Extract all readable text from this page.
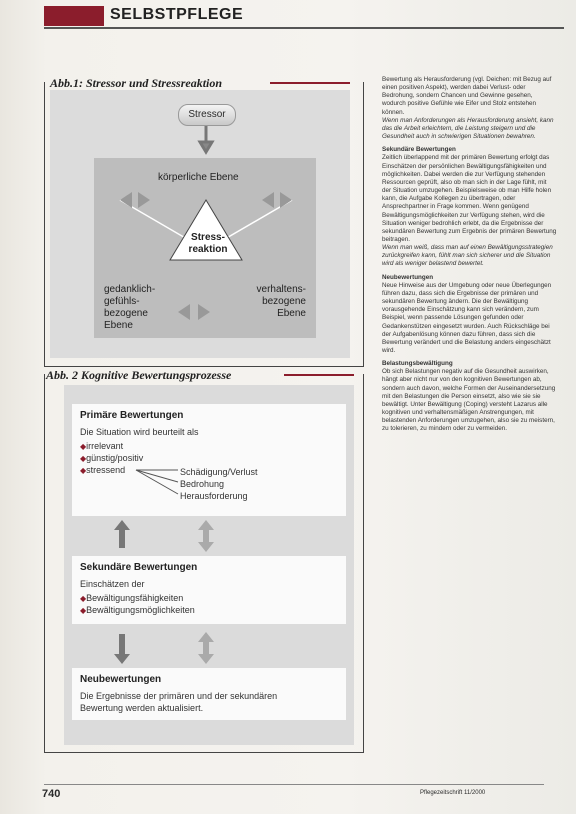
SELBSTPFLEGE
Abb.1: Stressor und Stressreaktion
Stressor
körperliche Ebene
Stress-
reaktion
gedanklich-
gefühls-
bezogene
Ebene
verhaltens-
bezogene
Ebene
Abb. 2 Kognitive Bewertungsprozesse
Primäre Bewertungen
Die Situation wird beurteilt als
◆irrelevant
◆günstig/positiv
◆stressend	Schädigung/Verlust
Bedrohung
Herausforderung
Sekundäre Bewertungen
Einschätzen der
◆Bewältigungsfähigkeiten
◆Bewältigungsmöglichkeiten
Neubewertungen
Die Ergebnisse der primären und der sekundären
Bewertung werden aktualisiert.

Bewertung als Herausforderung (vgl. Deichen: mit Bezug auf einen positiven Aspekt), werden dabei Verlust- oder Bedrohung, sondern Chancen und Gewinne gesehen, wodurch positive Gefühle wie Eifer und Stolz entstehen können.

Wenn man Anforderungen als Herausforderung ansieht, kann das die Arbeit erleichtern, die Leistung steigern und die Gesundheit auch in schwierigen Situationen bewahren.

Sekundäre Bewertungen

Zeitlich überlappend mit der primären Bewertung erfolgt das Einschätzen der persönlichen Bewältigungsfähigkeiten und möglichkeiten. Dabei werden die zur Verfügung stehenden Ressourcen geprüft, also ob man sich in der Lage fühlt, mit der Situation umzugehen. Beispielsweise ob man Hilfe holen kann, die Aufgabe Kollegen zu übertragen, oder Ansprechpartner in Frage kommen. Wenn genügend Bewältigungsmöglichkeiten zur Verfügung stehen, wird die Situation weniger bedrohlich erlebt, da die Ergebnisse der sekundären Bewertung zum Ergebnis der primären Bewertung beitragen.

Wenn man weiß, dass man auf einen Bewältigungsstrategien zurückgreifen kann, fühlt man sich sicherer und die Situation wird als weniger belastend bewertet.

Neubewertungen

Neue Hinweise aus der Umgebung oder neue Überlegungen führen dazu, dass sich die Ergebnisse der primären und sekundären Bewertung ändern. Die der Bewältigung vorausgehende Einschätzung kann sich verändern, zum Beispiel, wenn passende Lösungen gefunden oder Gedankenstützen eingesetzt wurden. Auch Rückschläge bei der Aufgabenlösung können dazu führen, dass sich die Bewertung verändert und die Belastung anders eingeschätzt wird.

Belastungsbewältigung

Ob sich Belastungen negativ auf die Gesundheit auswirken, hängt aber nicht nur von den kognitiven Bewertungen ab, sondern auch davon, welche Formen der Auseinandersetzung mit den Belastungen die Person einsetzt, also wie sie sie bewältigt. Unter Bewältigung (Coping) versteht Lazarus alle kognitiven und verhaltensmäßigen Anstrengungen, mit belastenden Anforderungen umzugehen, also sie zu meistern, zu tolerieren, zu mindern oder zu vermeiden.

740	Pflegezeitschrift 11/2000
